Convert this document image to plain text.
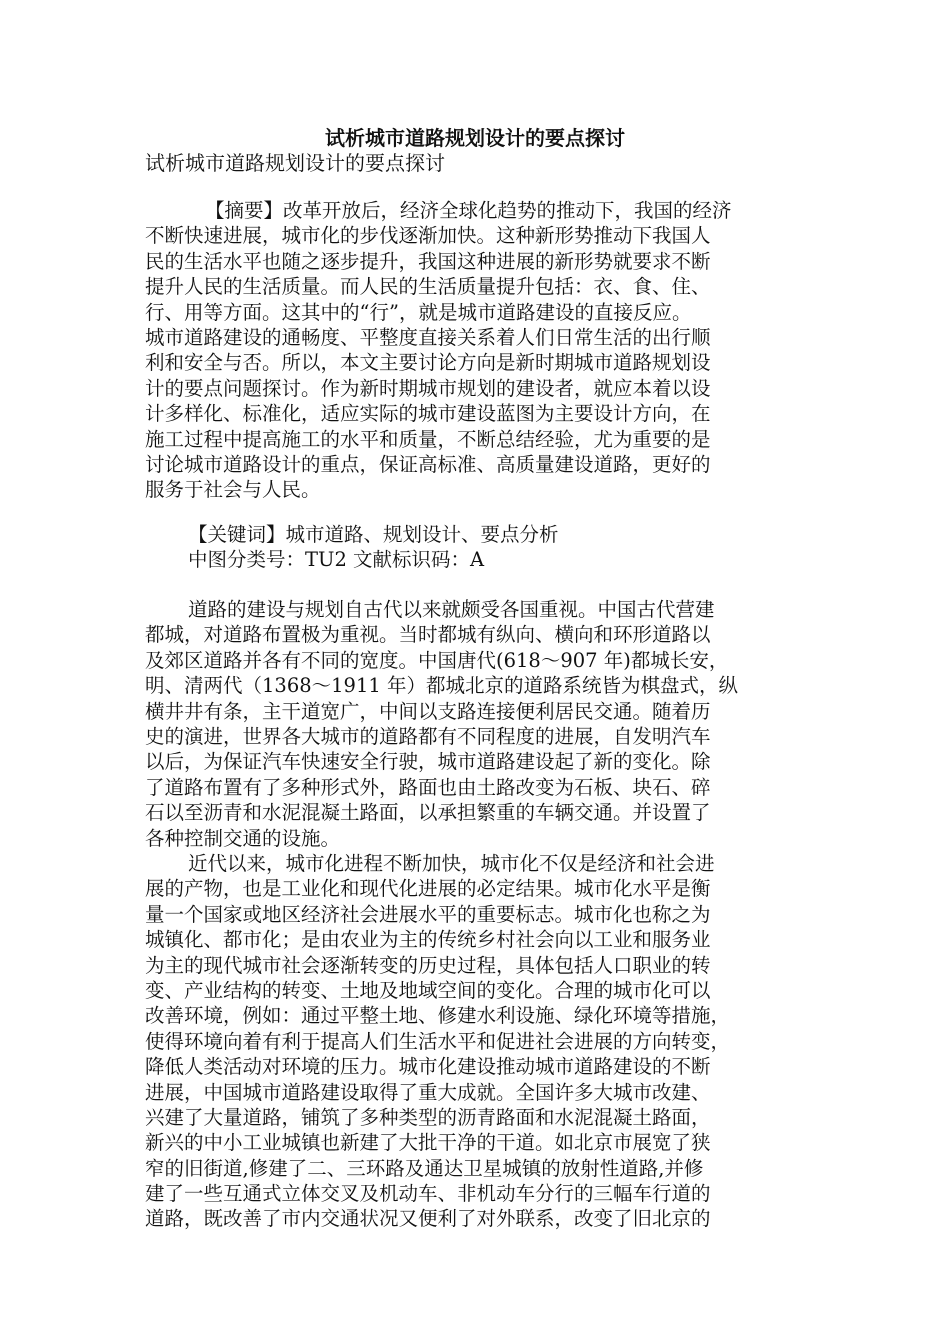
试析城市道路规划设计的要点探讨
试析城市道路规划设计的要点探讨
【摘要】改革开放后，经济全球化趋势的推动下，我国的经济
不断快速进展，城市化的步伐逐渐加快。这种新形势推动下我国人
民的生活水平也随之逐步提升，我国这种进展的新形势就要求不断
提升人民的生活质量。而人民的生活质量提升包括：衣、食、住、
行、用等方面。这其中的“行”，就是城市道路建设的直接反应。
城市道路建设的通畅度、平整度直接关系着人们日常生活的出行顺
利和安全与否。所以，本文主要讨论方向是新时期城市道路规划设
计的要点问题探讨。作为新时期城市规划的建设者，就应本着以设
计多样化、标准化，适应实际的城市建设蓝图为主要设计方向，在
施工过程中提高施工的水平和质量，不断总结经验，尤为重要的是
讨论城市道路设计的重点，保证高标准、高质量建设道路，更好的
服务于社会与人民。
【关键词】城市道路、规划设计、要点分析
中图分类号：TU2 文献标识码：A
道路的建设与规划自古代以来就颇受各国重视。中国古代营建
都城，对道路布置极为重视。当时都城有纵向、横向和环形道路以
及郊区道路并各有不同的宽度。中国唐代(618～907 年)都城长安，
明、清两代（1368～1911 年）都城北京的道路系统皆为棋盘式，纵
横井井有条，主干道宽广，中间以支路连接便利居民交通。随着历
史的演进，世界各大城市的道路都有不同程度的进展，自发明汽车
以后，为保证汽车快速安全行驶，城市道路建设起了新的变化。除
了道路布置有了多种形式外，路面也由土路改变为石板、块石、碎
石以至沥青和水泥混凝土路面，以承担繁重的车辆交通。并设置了
各种控制交通的设施。
近代以来，城市化进程不断加快，城市化不仅是经济和社会进
展的产物，也是工业化和现代化进展的必定结果。城市化水平是衡
量一个国家或地区经济社会进展水平的重要标志。城市化也称之为
城镇化、都市化；是由农业为主的传统乡村社会向以工业和服务业
为主的现代城市社会逐渐转变的历史过程，具体包括人口职业的转
变、产业结构的转变、土地及地域空间的变化。合理的城市化可以
改善环境，例如：通过平整土地、修建水利设施、绿化环境等措施，
使得环境向着有利于提高人们生活水平和促进社会进展的方向转变，
降低人类活动对环境的压力。城市化建设推动城市道路建设的不断
进展，中国城市道路建设取得了重大成就。全国许多大城市改建、
兴建了大量道路，铺筑了多种类型的沥青路面和水泥混凝土路面，
新兴的中小工业城镇也新建了大批干净的干道。如北京市展宽了狭
窄的旧街道,修建了二、三环路及通达卫星城镇的放射性道路,并修
建了一些互通式立体交叉及机动车、非机动车分行的三幅车行道的
道路，既改善了市内交通状况又便利了对外联系，改变了旧北京的
